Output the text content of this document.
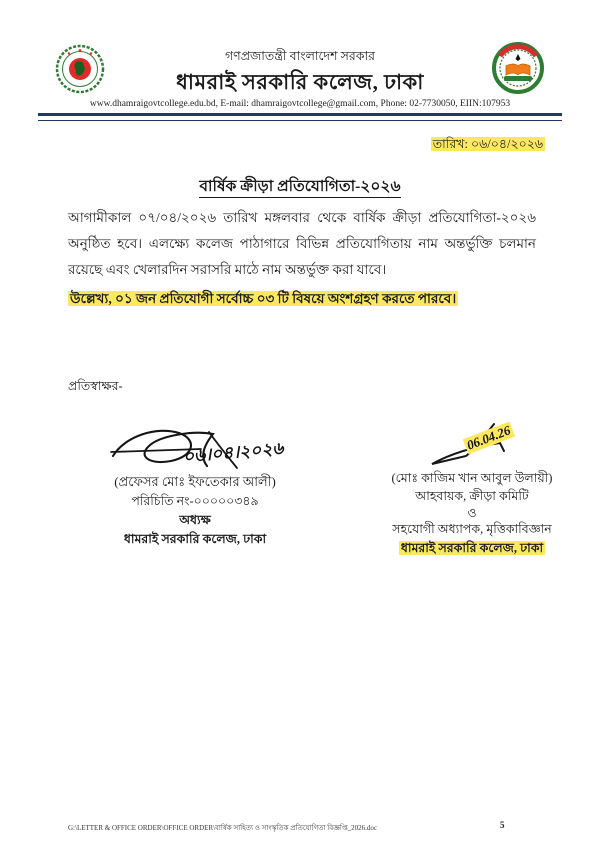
গণপ্রজাতন্ত্রী বাংলাদেশ সরকার
ধামরাই সরকারি কলেজ, ঢাকা
www.dhamraigovtcollege.edu.bd, E-mail: dhamraigovtcollege@gmail.com, Phone: 02-7730050, EIIN:107953
তারিখ: ০৬/০৪/২০২৬
বার্ষিক ক্রীড়া প্রতিযোগিতা-২০২৬
আগামীকাল ০৭/০৪/২০২৬ তারিখ মঙ্গলবার থেকে বার্ষিক ক্রীড়া প্রতিযোগিতা-২০২৬ অনুষ্ঠিত হবে। এলক্ষ্যে কলেজ পাঠাগারে বিভিন্ন প্রতিযোগিতায় নাম অন্তর্ভুক্তি চলমান রয়েছে এবং খেলারদিন সরাসরি মাঠে নাম অন্তর্ভুক্ত করা যাবে।
উল্লেখ্য, ০১ জন প্রতিযোগী সর্বোচ্চ ০৩ টি বিষয়ে অংশগ্রহণ করতে পারবে।
প্রতিস্বাক্ষর-
০৬।০৪।২০২৬
(প্রফেসর মোঃ ইফতেকার আলী)
পরিচিতি নং-০০০০০৩৪৯
অধ্যক্ষ
ধামরাই সরকারি কলেজ, ঢাকা
06.04.26
(মোঃ কাজিম খান আবুল উলায়ী)
আহবায়ক, ক্রীড়া কমিটি
ও
সহযোগী অধ্যাপক, মৃত্তিকাবিজ্ঞান
ধামরাই সরকারি কলেজ, ঢাকা
G:\LETTER & OFFICE ORDER\OFFICE ORDER\বার্ষিক সাহিত্য ও সাংস্কৃতিক প্রতিযোগিতা বিজ্ঞপ্তি_2026.doc	5
